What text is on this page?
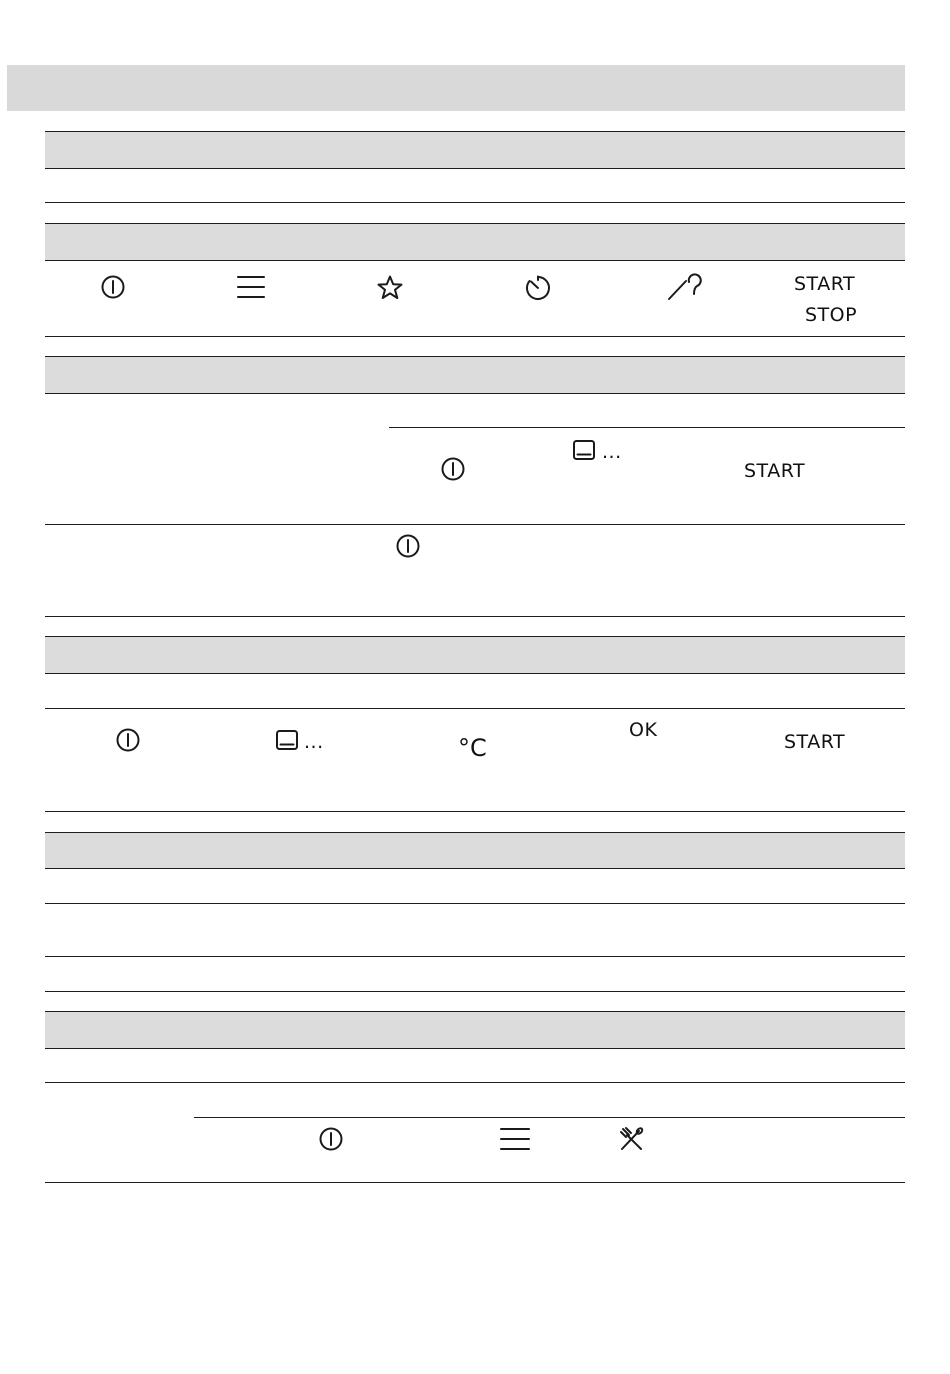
START
STOP
...
START
...	°C
OK
START
